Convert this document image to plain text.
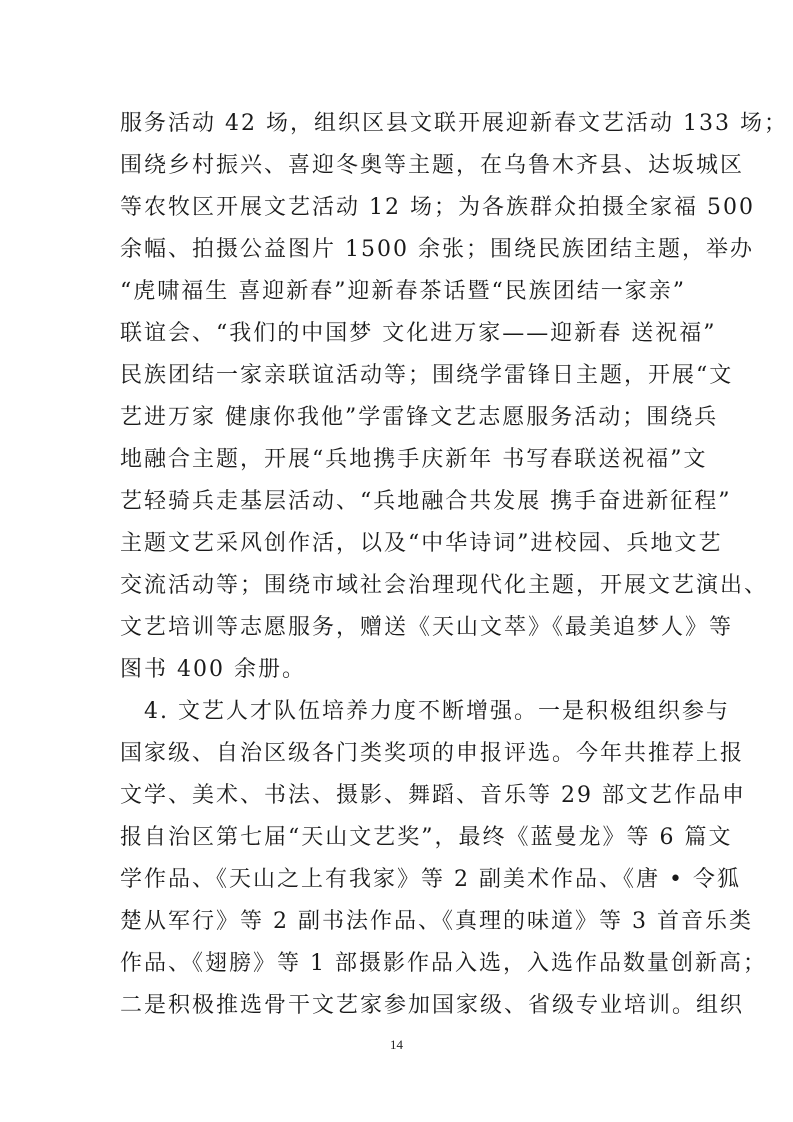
服务活动 42 场，组织区县文联开展迎新春文艺活动 133 场；
围绕乡村振兴、喜迎冬奥等主题，在乌鲁木齐县、达坂城区
等农牧区开展文艺活动 12 场；为各族群众拍摄全家福 500
余幅、拍摄公益图片 1500 余张；围绕民族团结主题，举办
“虎啸福生 喜迎新春”迎新春茶话暨“民族团结一家亲”
联谊会、“我们的中国梦 文化进万家——迎新春 送祝福”
民族团结一家亲联谊活动等；围绕学雷锋日主题，开展“文
艺进万家 健康你我他”学雷锋文艺志愿服务活动；围绕兵
地融合主题，开展“兵地携手庆新年 书写春联送祝福”文
艺轻骑兵走基层活动、“兵地融合共发展 携手奋进新征程”
主题文艺采风创作活，以及“中华诗词”进校园、兵地文艺
交流活动等；围绕市域社会治理现代化主题，开展文艺演出、
文艺培训等志愿服务，赠送《天山文萃》《最美追梦人》等
图书 400 余册。
　4. 文艺人才队伍培养力度不断增强。一是积极组织参与
国家级、自治区级各门类奖项的申报评选。今年共推荐上报
文学、美术、书法、摄影、舞蹈、音乐等 29 部文艺作品申
报自治区第七届“天山文艺奖”，最终《蓝曼龙》等 6 篇文
学作品、《天山之上有我家》等 2 副美术作品、《唐 • 令狐
楚从军行》等 2 副书法作品、《真理的味道》等 3 首音乐类
作品、《翅膀》等 1 部摄影作品入选，入选作品数量创新高；
二是积极推选骨干文艺家参加国家级、省级专业培训。组织
14
